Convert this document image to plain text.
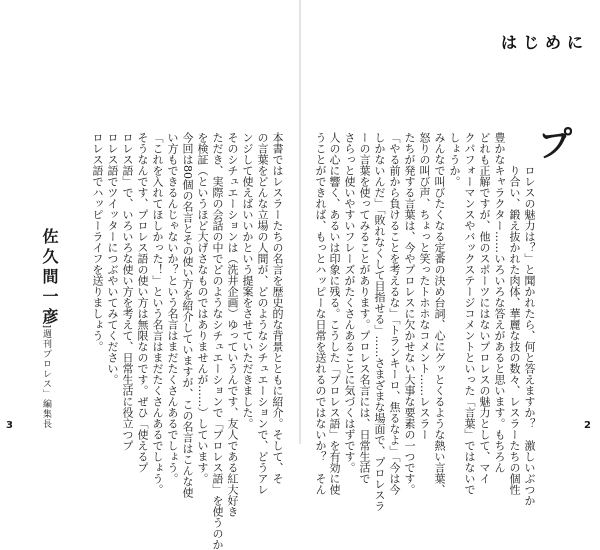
はじめに
プ
ロレスの魅力は？」と聞かれたら、何と答えますか？　激しいぶつか
り合い、鍛え抜かれた肉体、華麗な技の数々、レスラーたちの個性
豊かなキャラクター……いろいろな答えがあると思います。もちろん
どれも正解ですが、他のスポーツにはないプロレスの魅力として、マイ
クパフォーマンスやバックステージコメントといった「言葉」ではないで
しょうか。
みんなで叫びたくなる定番の決め台詞、心にグッとくるような熱い言葉、
怒りの叫び声、ちょっと笑ったトホホなコメント……レスラー
たちが発する言葉は、今やプロレスに欠かせない大事な要素の一つです。
「やる前から負けることを考えるな」「トランキーロ、焦るなよ」「今は今
しかないんだ」「敗れなくして目指せる」……さまざまな場面で、プロレスラ
ーの言葉を使ってみることがあります。プロレス名言には、日常生活で
さらっと使いやすいフレーズがたくさんあることに気づくはずです。
人の心に響く、あるいは印象に残る。こうした「プロレス語」を有効に使
うことができれば、もっとハッピーな日常を送れるのではないか？　そん
本書ではレスラーたちの名言を歴史的な背景とともに紹介。そして、そ
の言葉をどんな立場の人間が、どのようなシチュエーションで、どうアレ
ンジして使えばいいかという提案をさせていただきました。
そのシチュエーションは（洗井企画）ゆっていうんです、友人である紅大好き
ただき、実際の会話の中でどのようなシチュエーションで「プロレス語」を使うのか
を検証（というほど大げさなものではありませんが……）しています。
今回は80個の名言とその使い方を紹介していますが、この名言はこんな使
い方もできるんじゃないか？という名言はまだたくさんあるでしょう。
「これを入れてほしかった！」という名言はまだたくさんあるでしょう。
そうなんです、プロレス語の使い方は無限なのです。ぜひ「使えるプ
ロレス語」で、いろいろな使い方を考えて、日常生活に役立つプ
ロレス語でツイッターにつぶやいてみてください。
ロレス語でハッピーライフを送りましょう。
佐久間一彦
[元]週刊プロレス」編集長
3	2
